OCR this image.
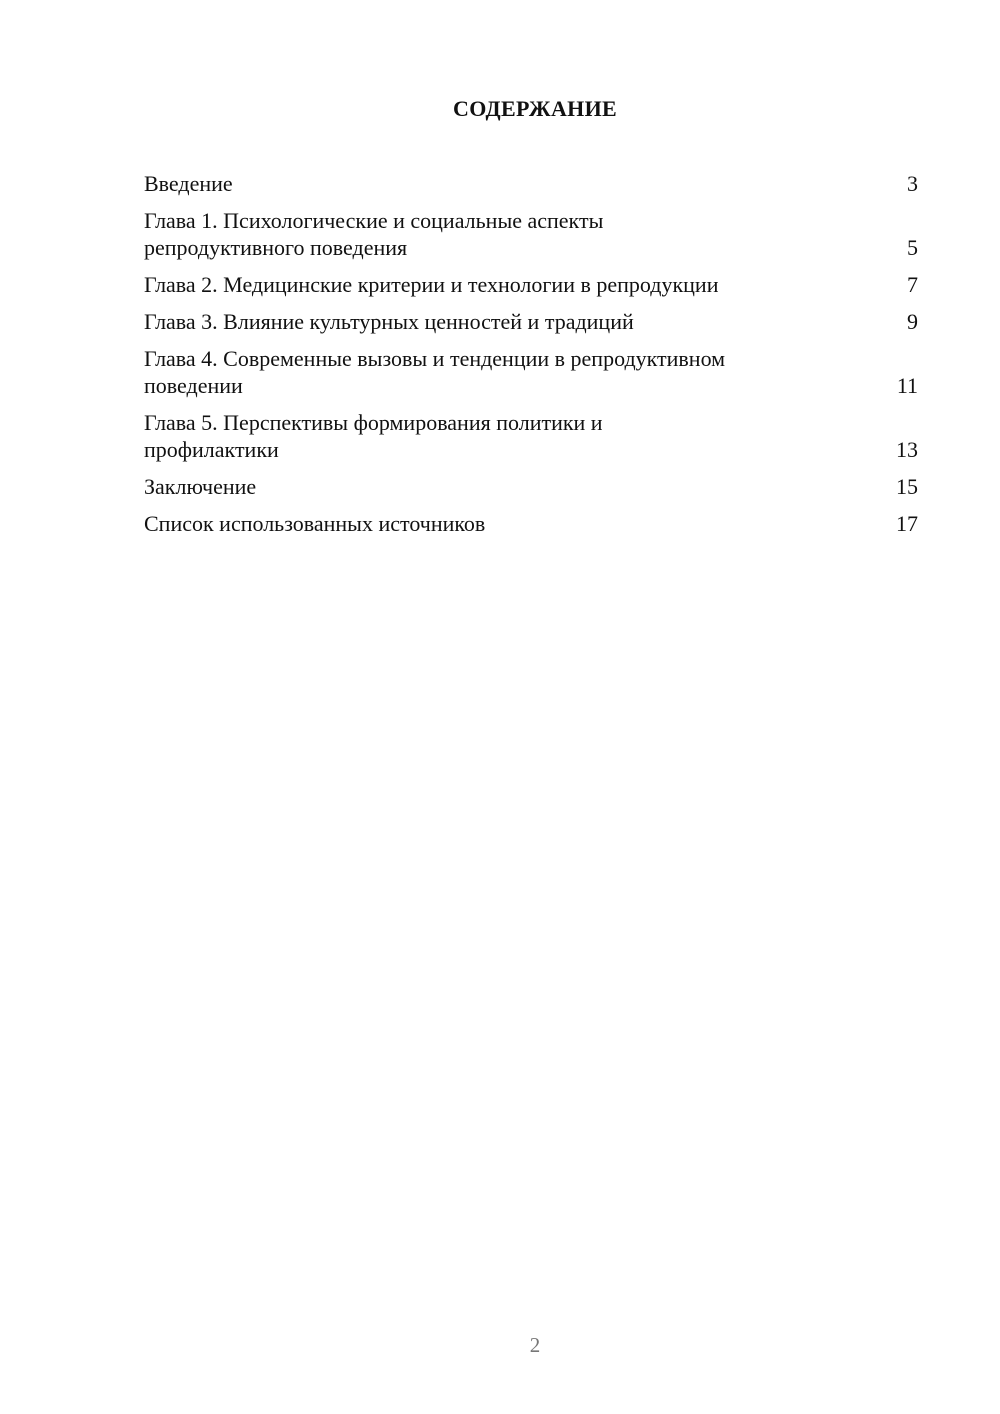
СОДЕРЖАНИЕ
Введение	3
Глава 1. Психологические и социальные аспекты
репродуктивного поведения	5
Глава 2. Медицинские критерии и технологии в репродукции	7
Глава 3. Влияние культурных ценностей и традиций	9
Глава 4. Современные вызовы и тенденции в репродуктивном
поведении	11
Глава 5. Перспективы формирования политики и
профилактики	13
Заключение	15
Список использованных источников	17
2
